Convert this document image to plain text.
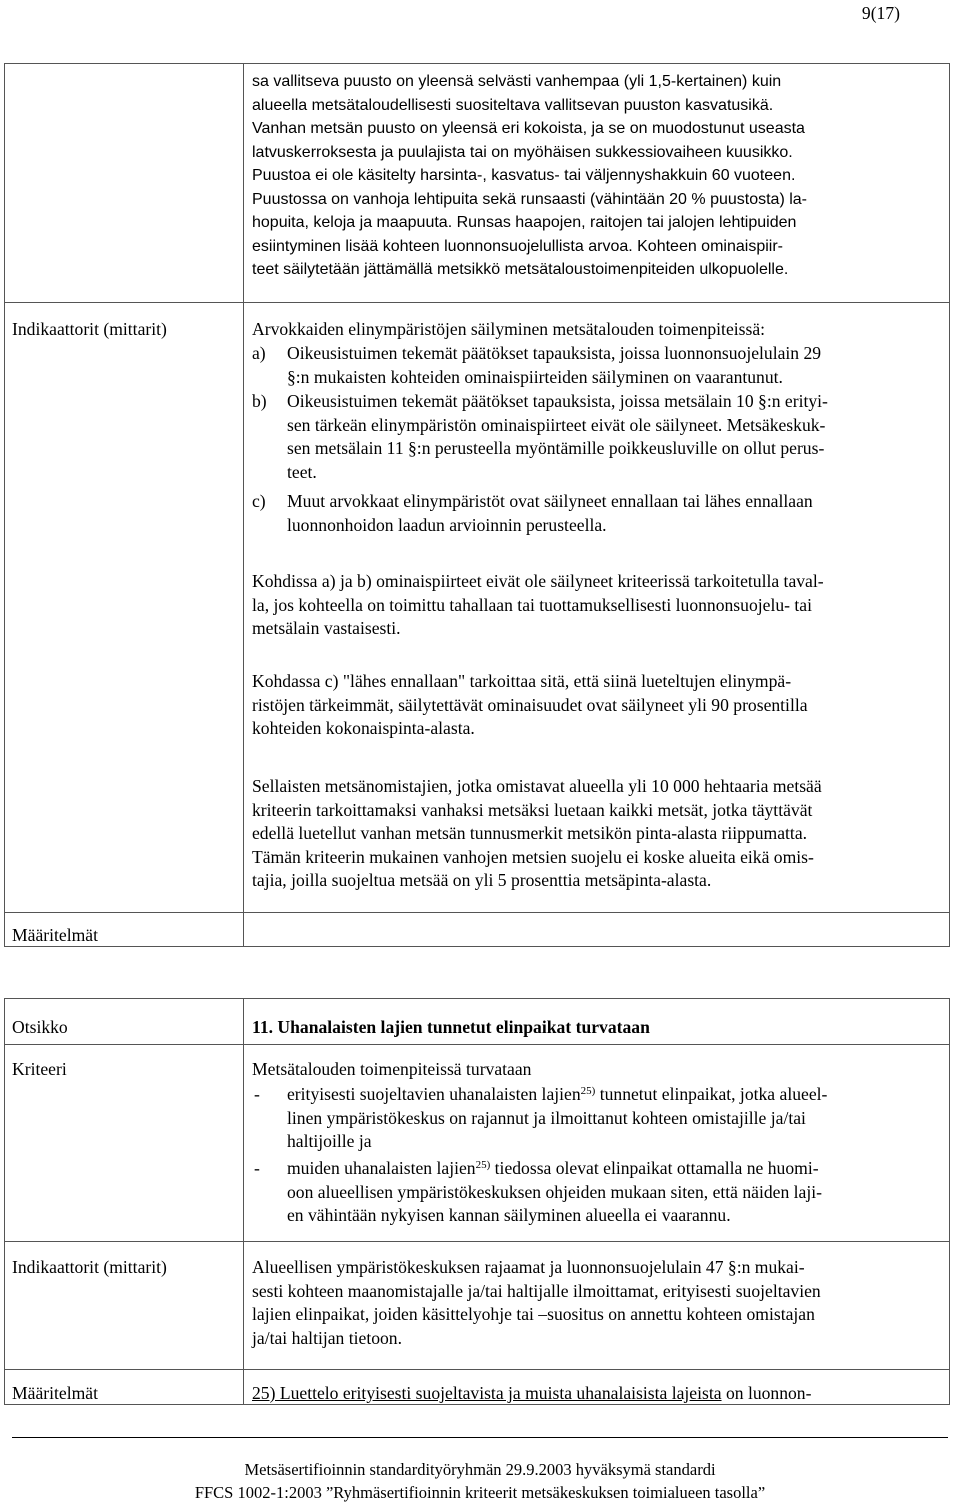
9(17)
sa vallitseva puusto on yleensä selvästi vanhempaa (yli 1,5-kertainen) kuin
alueella metsätaloudellisesti suositeltava vallitsevan puuston kasvatusikä.
Vanhan metsän puusto on yleensä eri kokoista, ja se on muodostunut useasta
latvuskerroksesta ja puulajista tai on myöhäisen sukkessiovaiheen kuusikko.
Puustoa ei ole käsitelty harsinta-, kasvatus- tai väljennyshakkuin 60 vuoteen.
Puustossa on vanhoja lehtipuita sekä runsaasti (vähintään 20 % puustosta) la-
hopuita, keloja ja maapuuta. Runsas haapojen, raitojen tai jalojen lehtipuiden
esiintyminen lisää kohteen luonnonsuojelullista arvoa. Kohteen ominaispiir-
teet säilytetään jättämällä metsikkö metsätaloustoimenpiteiden ulkopuolelle.
Indikaattorit (mittarit)	Arvokkaiden elinympäristöjen säilyminen metsätalouden toimenpiteissä:
a) Oikeusistuimen tekemät päätökset tapauksista, joissa luonnonsuojelulain 29
§:n mukaisten kohteiden ominaispiirteiden säilyminen on vaarantunut.
b) Oikeusistuimen tekemät päätökset tapauksista, joissa metsälain 10 §:n erityi-
sen tärkeän elinympäristön ominaispiirteet eivät ole säilyneet. Metsäkeskuk-
sen metsälain 11 §:n perusteella myöntämille poikkeusluville on ollut perus-
teet.
c) Muut arvokkaat elinympäristöt ovat säilyneet ennallaan tai lähes ennallaan
luonnonhoidon laadun arvioinnin perusteella.
Kohdissa a) ja b) ominaispiirteet eivät ole säilyneet kriteerissä tarkoitetulla taval-
la, jos kohteella on toimittu tahallaan tai tuottamuksellisesti luonnonsuojelu- tai
metsälain vastaisesti.
Kohdassa c) "lähes ennallaan" tarkoittaa sitä, että siinä lueteltujen elinympä-
ristöjen tärkeimmät, säilytettävät ominaisuudet ovat säilyneet yli 90 prosentilla
kohteiden kokonaispinta-alasta.
Sellaisten metsänomistajien, jotka omistavat alueella yli 10 000 hehtaaria metsää
kriteerin tarkoittamaksi vanhaksi metsäksi luetaan kaikki metsät, jotka täyttävät
edellä luetellut vanhan metsän tunnusmerkit metsikön pinta-alasta riippumatta.
Tämän kriteerin mukainen vanhojen metsien suojelu ei koske alueita eikä omis-
tajia, joilla suojeltua metsää on yli 5 prosenttia metsäpinta-alasta.
Määritelmät
Otsikko	11. Uhanalaisten lajien tunnetut elinpaikat turvataan
Kriteeri	Metsätalouden toimenpiteissä turvataan
- erityisesti suojeltavien uhanalaisten lajien$^{25)}$ tunnetut elinpaikat, jotka alueel-
linen ympäristökeskus on rajannut ja ilmoittanut kohteen omistajille ja/tai
haltijoille ja
- muiden uhanalaisten lajien$^{25)}$ tiedossa olevat elinpaikat ottamalla ne huomi-
oon alueellisen ympäristökeskuksen ohjeiden mukaan siten, että näiden laji-
en vähintään nykyisen kannan säilyminen alueella ei vaarannu.
Indikaattorit (mittarit)	Alueellisen ympäristökeskuksen rajaamat ja luonnonsuojelulain 47 §:n mukai-
sesti kohteen maanomistajalle ja/tai haltijalle ilmoittamat, erityisesti suojeltavien
lajien elinpaikat, joiden käsittelyohje tai –suositus on annettu kohteen omistajan
ja/tai haltijan tietoon.
Määritelmät	25) Luettelo erityisesti suojeltavista ja muista uhanalaisista lajeista on luonnon-
Metsäsertifioinnin standardityöryhmän 29.9.2003 hyväksymä standardi
FFCS 1002-1:2003 ”Ryhmäsertifioinnin kriteerit metsäkeskuksen toimialueen tasolla”
